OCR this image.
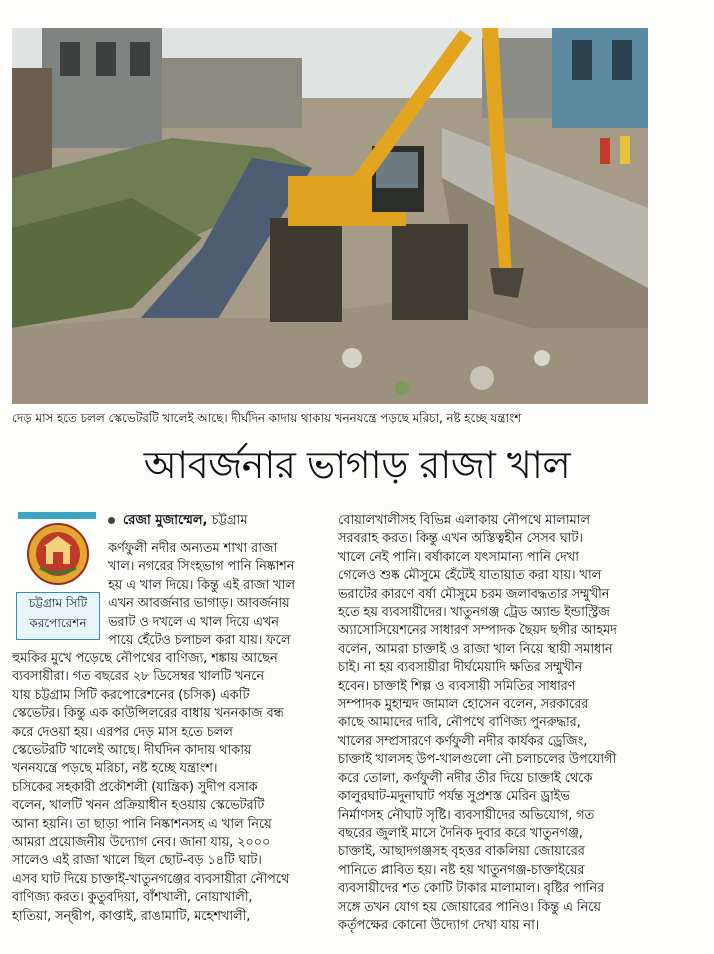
দেড় মাস হতে চলল স্কেভেটরটি খালেই আছে। দীর্ঘদিন কাদায় থাকায় খননযন্ত্রে পড়ছে মরিচা, নষ্ট হচ্ছে যন্ত্রাংশ
আবর্জনার ভাগাড় রাজা খাল
রেজা মুজাম্মেল, চট্টগ্রাম
চট্টগ্রাম সিটি
করপোরেশন
কর্ণফুলী নদীর অন্যতম শাখা রাজা
খাল। নগরের সিংহভাগ পানি নিষ্কাশন
হয় এ খাল দিয়ে। কিন্তু এই রাজা খাল
এখন আবর্জনার ভাগাড়। আবর্জনায়
ভরাট ও দখলে এ খাল দিয়ে এখন
পায়ে হেঁটেও চলাচল করা যায়। ফলে
হুমকির মুখে পড়েছে নৌপথের বাণিজ্য, শঙ্কায় আছেন
ব্যবসায়ীরা। গত বছরের ২৮ ডিসেম্বর খালটি খননে
যায় চট্টগ্রাম সিটি করপোরেশনের (চসিক) একটি
স্কেভেটর। কিন্তু এক কাউন্সিলরের বাধায় খননকাজ বন্ধ
করে দেওয়া হয়। এরপর দেড় মাস হতে চলল
স্কেভেটরটি খালেই আছে। দীর্ঘদিন কাদায় থাকায়
খননযন্ত্রে পড়ছে মরিচা, নষ্ট হচ্ছে যন্ত্রাংশ।
চসিকের সহকারী প্রকৌশলী (যান্ত্রিক) সুদীপ বসাক
বলেন, খালটি খনন প্রক্রিয়াধীন হওয়ায় স্কেভেটরটি
আনা হয়নি। তা ছাড়া পানি নিষ্কাশনসহ এ খাল নিয়ে
আমরা প্রয়োজনীয় উদ্যোগ নেব। জানা যায়, ২০০০
সালেও এই রাজা খালে ছিল ছোট-বড় ১৪টি ঘাট।
এসব ঘাট দিয়ে চাক্তাই-খাতুনগঞ্জের ব্যবসায়ীরা নৌপথে
বাণিজ্য করত। কুতুবদিয়া, বাঁশখালী, নোয়াখালী,
হাতিয়া, সন্দ্বীপ, কাপ্তাই, রাঙামাটি, মহেশখালী,
বোয়ালখালীসহ বিভিন্ন এলাকায় নৌপথে মালামাল
সরবরাহ করত। কিন্তু এখন অস্তিত্বহীন সেসব ঘাট।
খালে নেই পানি। বর্ষাকালে যৎসামান্য পানি দেখা
গেলেও শুষ্ক মৌসুমে হেঁটেই যাতায়াত করা যায়। খাল
ভরাটের কারণে বর্ষা মৌসুমে চরম জলাবদ্ধতার সম্মুখীন
হতে হয় ব্যবসায়ীদের। খাতুনগঞ্জ ট্রেড অ্যান্ড ইন্ডাস্ট্রিজ
অ্যাসোসিয়েশনের সাধারণ সম্পাদক ছৈয়দ ছগীর আহমদ
বলেন, আমরা চাক্তাই ও রাজা খাল নিয়ে স্থায়ী সমাধান
চাই। না হয় ব্যবসায়ীরা দীর্ঘমেয়াদি ক্ষতির সম্মুখীন
হবেন। চাক্তাই শিল্প ও ব্যবসায়ী সমিতির সাধারণ
সম্পাদক মুহাম্মদ জামাল হোসেন বলেন, সরকারের
কাছে আমাদের দাবি, নৌপথে বাণিজ্য পুনরুদ্ধার,
খালের সম্প্রসারণে কর্ণফুলী নদীর কার্যকর ড্রেজিং,
চাক্তাই খালসহ উপ-খালগুলো নৌ চলাচলের উপযোগী
করে তোলা, কর্ণফুলী নদীর তীর দিয়ে চাক্তাই থেকে
কালুরঘাট-মদুনাঘাট পর্যন্ত সুপ্রশস্ত মেরিন ড্রাইভ
নির্মাণসহ নৌঘাট সৃষ্টি। ব্যবসায়ীদের অভিযোগ, গত
বছরের জুলাই মাসে দৈনিক দুবার করে খাতুনগঞ্জ,
চাক্তাই, আছাদগঞ্জসহ বৃহত্তর বাকলিয়া জোয়ারের
পানিতে প্লাবিত হয়। নষ্ট হয় খাতুনগঞ্জ-চাক্তাইয়ের
ব্যবসায়ীদের শত কোটি টাকার মালামাল। বৃষ্টির পানির
সঙ্গে তখন যোগ হয় জোয়ারের পানিও। কিন্তু এ নিয়ে
কর্তৃপক্ষের কোনো উদ্যোগ দেখা যায় না।
